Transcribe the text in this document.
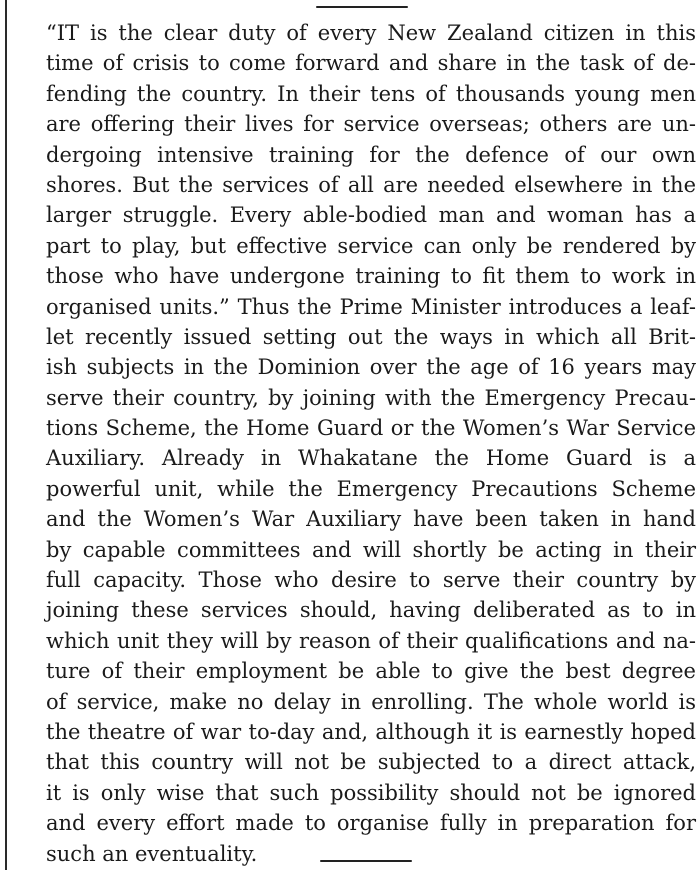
“IT is the clear duty of every New Zealand citizen in this
time of crisis to come forward and share in the task of de-
fending the country. In their tens of thousands young men
are offering their lives for service overseas; others are un-
dergoing intensive training for the defence of our own
shores. But the services of all are needed elsewhere in the
larger struggle. Every able-bodied man and woman has a
part to play, but effective service can only be rendered by
those who have undergone training to fit them to work in
organised units.” Thus the Prime Minister introduces a leaf-
let recently issued setting out the ways in which all Brit-
ish subjects in the Dominion over the age of 16 years may
serve their country, by joining with the Emergency Precau-
tions Scheme, the Home Guard or the Women’s War Service
Auxiliary. Already in Whakatane the Home Guard is a
powerful unit, while the Emergency Precautions Scheme
and the Women’s War Auxiliary have been taken in hand
by capable committees and will shortly be acting in their
full capacity. Those who desire to serve their country by
joining these services should, having deliberated as to in
which unit they will by reason of their qualifications and na-
ture of their employment be able to give the best degree
of service, make no delay in enrolling. The whole world is
the theatre of war to-day and, although it is earnestly hoped
that this country will not be subjected to a direct attack,
it is only wise that such possibility should not be ignored
and every effort made to organise fully in preparation for
such an eventuality.
